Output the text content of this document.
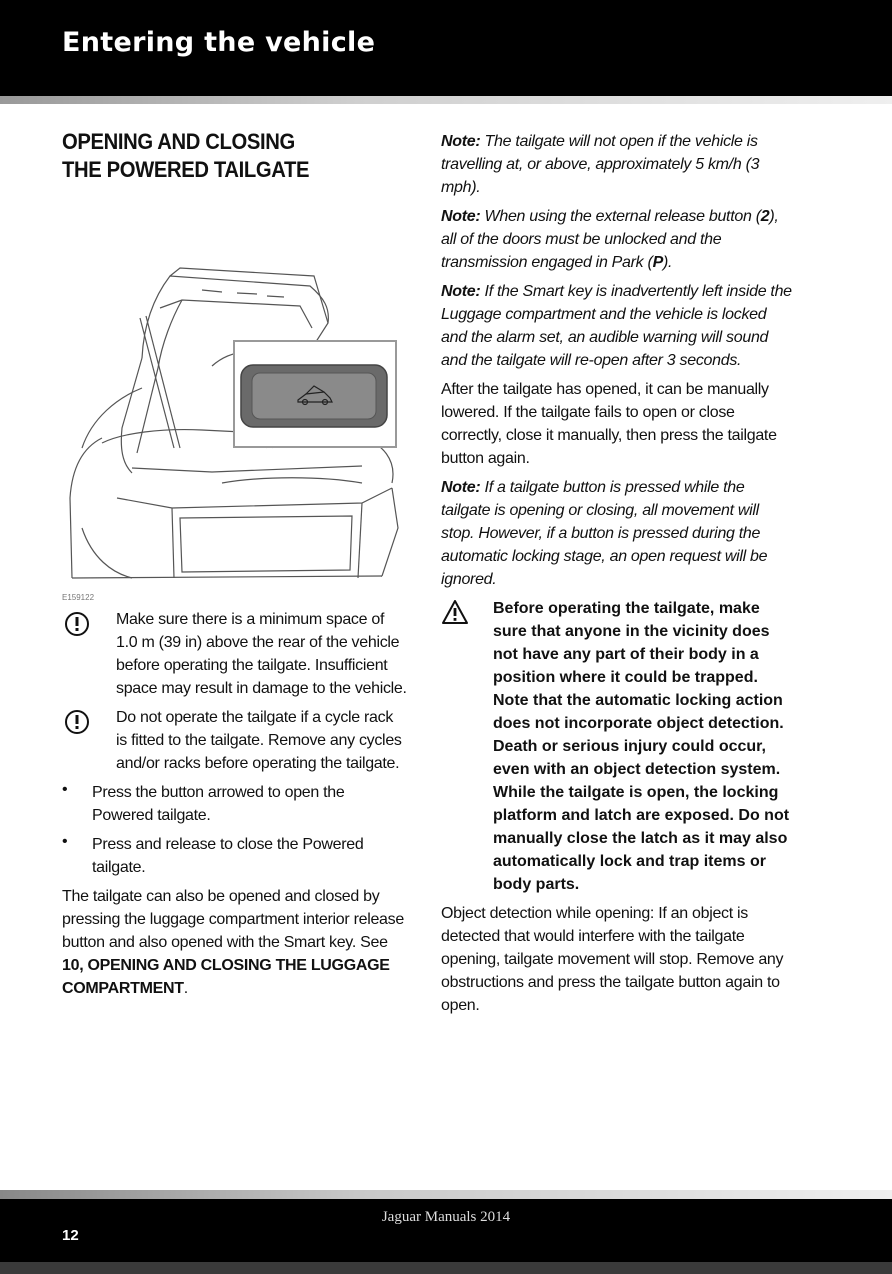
Entering the vehicle
OPENING AND CLOSING THE POWERED TAILGATE
E159122

Make sure there is a minimum space of 1.0 m (39 in) above the rear of the vehicle before operating the tailgate. Insufficient space may result in damage to the vehicle.

Do not operate the tailgate if a cycle rack is fitted to the tailgate. Remove any cycles and/or racks before operating the tailgate.

• Press the button arrowed to open the Powered tailgate.

• Press and release to close the Powered tailgate.

The tailgate can also be opened and closed by pressing the luggage compartment interior release button and also opened with the Smart key. See 10, OPENING AND CLOSING THE LUGGAGE COMPARTMENT.

Note: The tailgate will not open if the vehicle is travelling at, or above, approximately 5 km/h (3 mph).

Note: When using the external release button (2), all of the doors must be unlocked and the transmission engaged in Park (P).

Note: If the Smart key is inadvertently left inside the Luggage compartment and the vehicle is locked and the alarm set, an audible warning will sound and the tailgate will re-open after 3 seconds.

After the tailgate has opened, it can be manually lowered. If the tailgate fails to open or close correctly, close it manually, then press the tailgate button again.

Note: If a tailgate button is pressed while the tailgate is opening or closing, all movement will stop. However, if a button is pressed during the automatic locking stage, an open request will be ignored.

Before operating the tailgate, make sure that anyone in the vicinity does not have any part of their body in a position where it could be trapped. Note that the automatic locking action does not incorporate object detection. Death or serious injury could occur, even with an object detection system. While the tailgate is open, the locking platform and latch are exposed. Do not manually close the latch as it may also automatically lock and trap items or body parts.

Object detection while opening: If an object is detected that would interfere with the tailgate opening, tailgate movement will stop. Remove any obstructions and press the tailgate button again to open.

Jaguar Manuals 2014
12
